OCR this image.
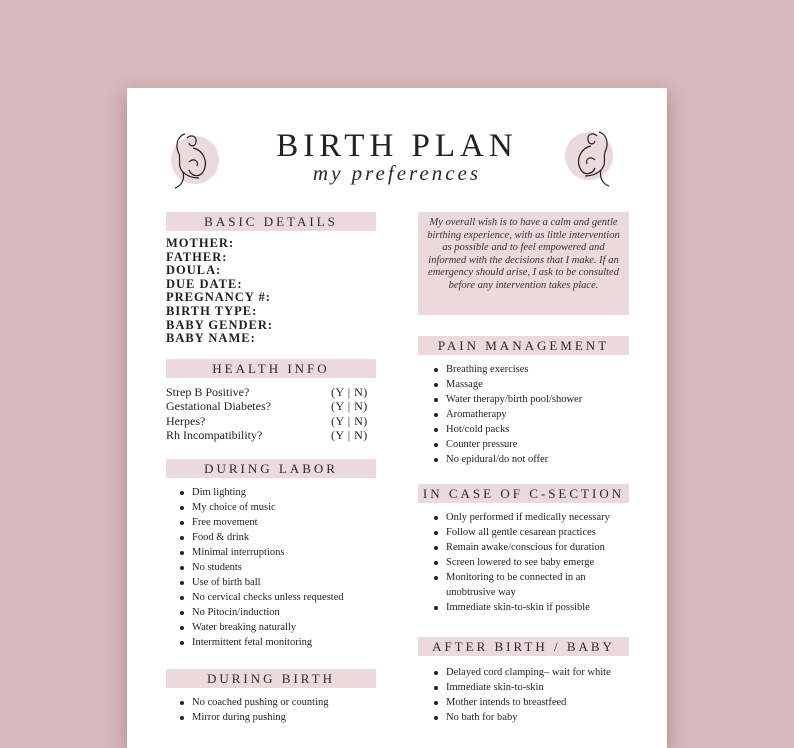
BIRTH PLAN
my preferences
BASIC DETAILS
MOTHER:
FATHER:
DOULA:
DUE DATE:
PREGNANCY #:
BIRTH TYPE:
BABY GENDER:
BABY NAME:
HEALTH INFO
Strep B Positive?	(Y | N)
Gestational Diabetes?	(Y | N)
Herpes?	(Y | N)
Rh Incompatibility?	(Y | N)
DURING LABOR
Dim lighting
My choice of music
Free movement
Food & drink
Minimal interruptions
No students
Use of birth ball
No cervical checks unless requested
No Pitocin/induction
Water breaking naturally
Intermittent fetal monitoring
DURING BIRTH
No coached pushing or counting
Mirror during pushing
My overall wish is to have a calm and gentle birthing experience, with as little intervention as possible and to feel empowered and informed with the decisions that I make. If an emergency should arise, I ask to be consulted before any intervention takes place.
PAIN MANAGEMENT
Breathing exercises
Massage
Water therapy/birth pool/shower
Aromatherapy
Hot/cold packs
Counter pressure
No epidural/do not offer
IN CASE OF C-SECTION
Only performed if medically necessary
Follow all gentle cesarean practices
Remain awake/conscious for duration
Screen lowered to see baby emerge
Monitoring to be connected in an unobtrusive way
Immediate skin-to-skin if possible
AFTER BIRTH / BABY
Delayed cord clamping– wait for white
Immediate skin-to-skin
Mother intends to breastfeed
No bath for baby
